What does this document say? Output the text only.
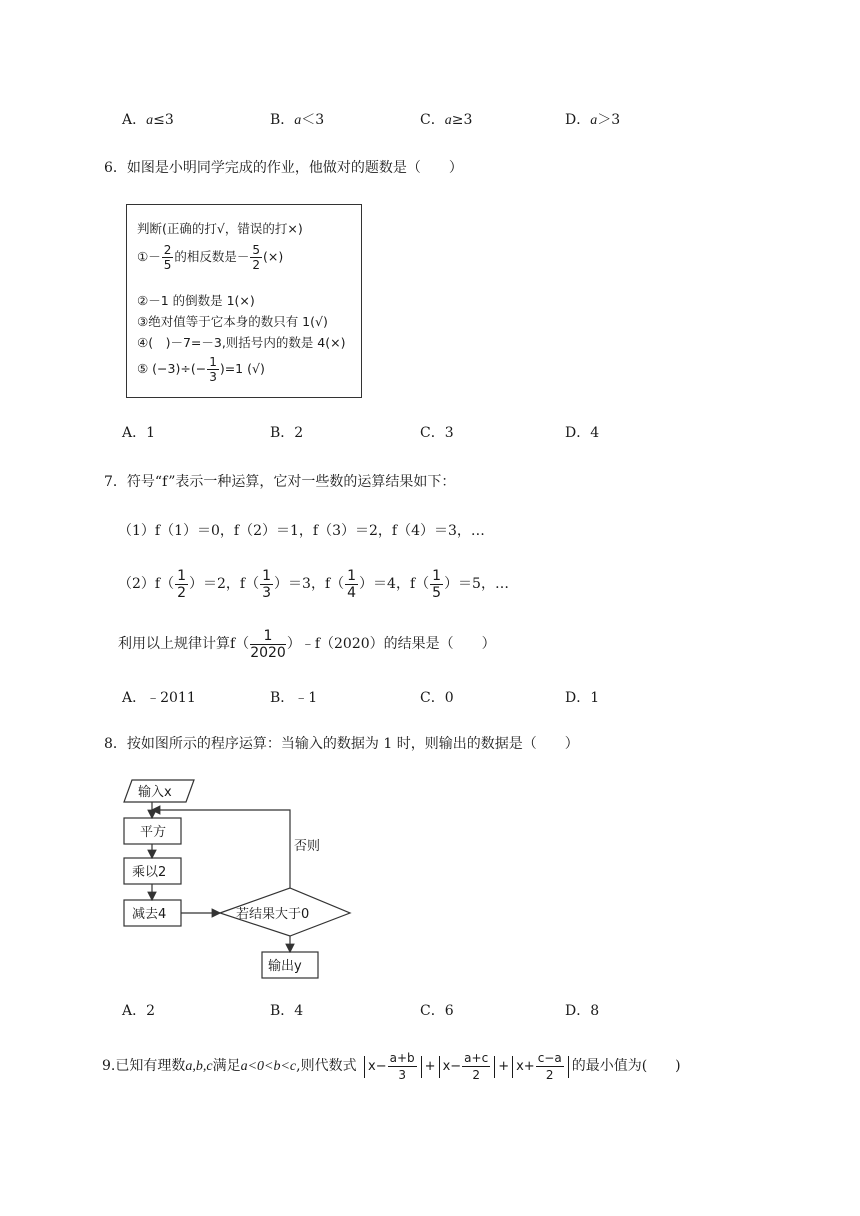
A．a≤3	B．a＜3	C．a≥3	D．a＞3
6．如图是小明同学完成的作业，他做对的题数是（　　）
判断(正确的打√，错误的打×)
①－ $\frac{2}{5}$ 的相反数是－ $\frac{5}{2}$ (×)
②－1 的倒数是 1(×)
③绝对值等于它本身的数只有 1(√)
④(　)－7=－3,则括号内的数是 4(×)
⑤ $(-3)\div(- \frac{1}{3} )=1$ (√)
A．1	B．2	C．3	D．4
7．符号“f”表示一种运算，它对一些数的运算结果如下：
（1）f（1）＝0，f（2）＝1，f（3）＝2，f（4）＝3，…
$(2)f( \frac{1}{2} )=2$，$f( \frac{1}{3} )=3$，$f( \frac{1}{4} )=4$，$f( \frac{1}{5} )=5$，…
利用以上规律计算$f( \frac{1}{2020}$ ）﹣f（2020）的结果是（　　）
A．﹣2011	B．﹣1	C．0	D．1
8．按如图所示的程序运算：当输入的数据为 1 时，则输出的数据是（　　）
输入x
平方
乘以2
减去4	若结果大于0
输出y
否则
A．2	B．4	C．6	D．8
9.已知有理数a,b,c满足a<0<b<c,则代数式 $x- \frac{a+b}{3} + x- \frac{a+c}{2} + x+ \frac{c-a}{2}$ 的最小值为(　　)
